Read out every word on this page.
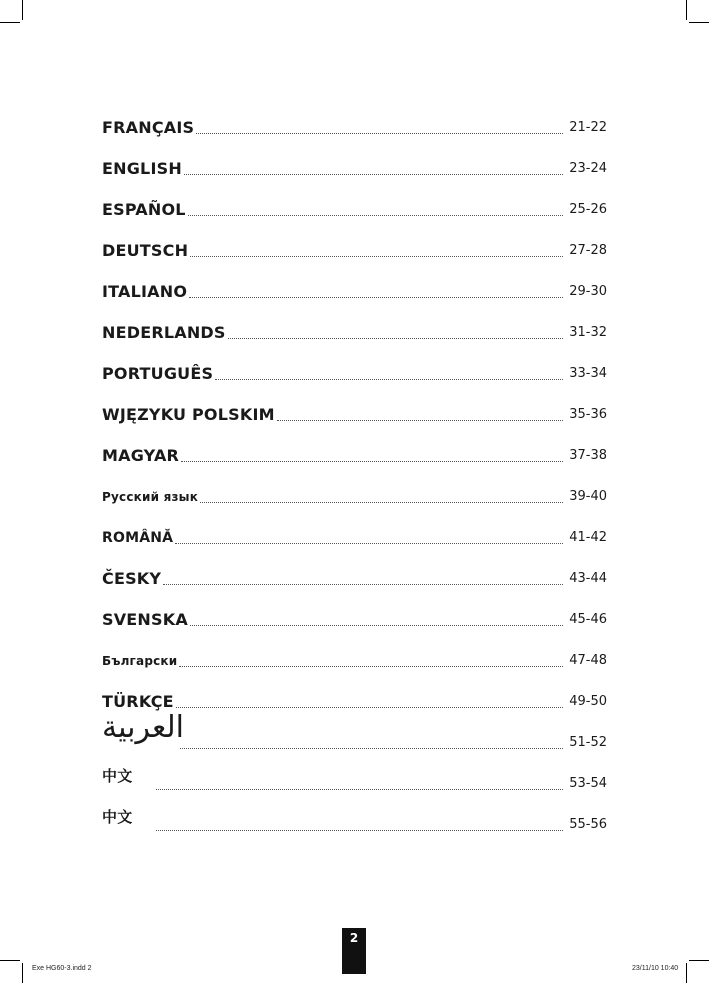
FRANÇAIS	21-22
ENGLISH	23-24
ESPAÑOL	25-26
DEUTSCH	27-28
ITALIANO	29-30
NEDERLANDS	31-32
PORTUGUÊS	33-34
WJĘZYKU POLSKIM	35-36
MAGYAR	37-38
Русский язык	39-40
ROMÂNĂ	41-42
ČESKY	43-44
SVENSKA	45-46
Български	47-48
TÜRKÇE	49-50
العربية	51-52
中文	53-54
中文	55-56
2
Exe HG60-3.indd 2	23/11/10 10:40
